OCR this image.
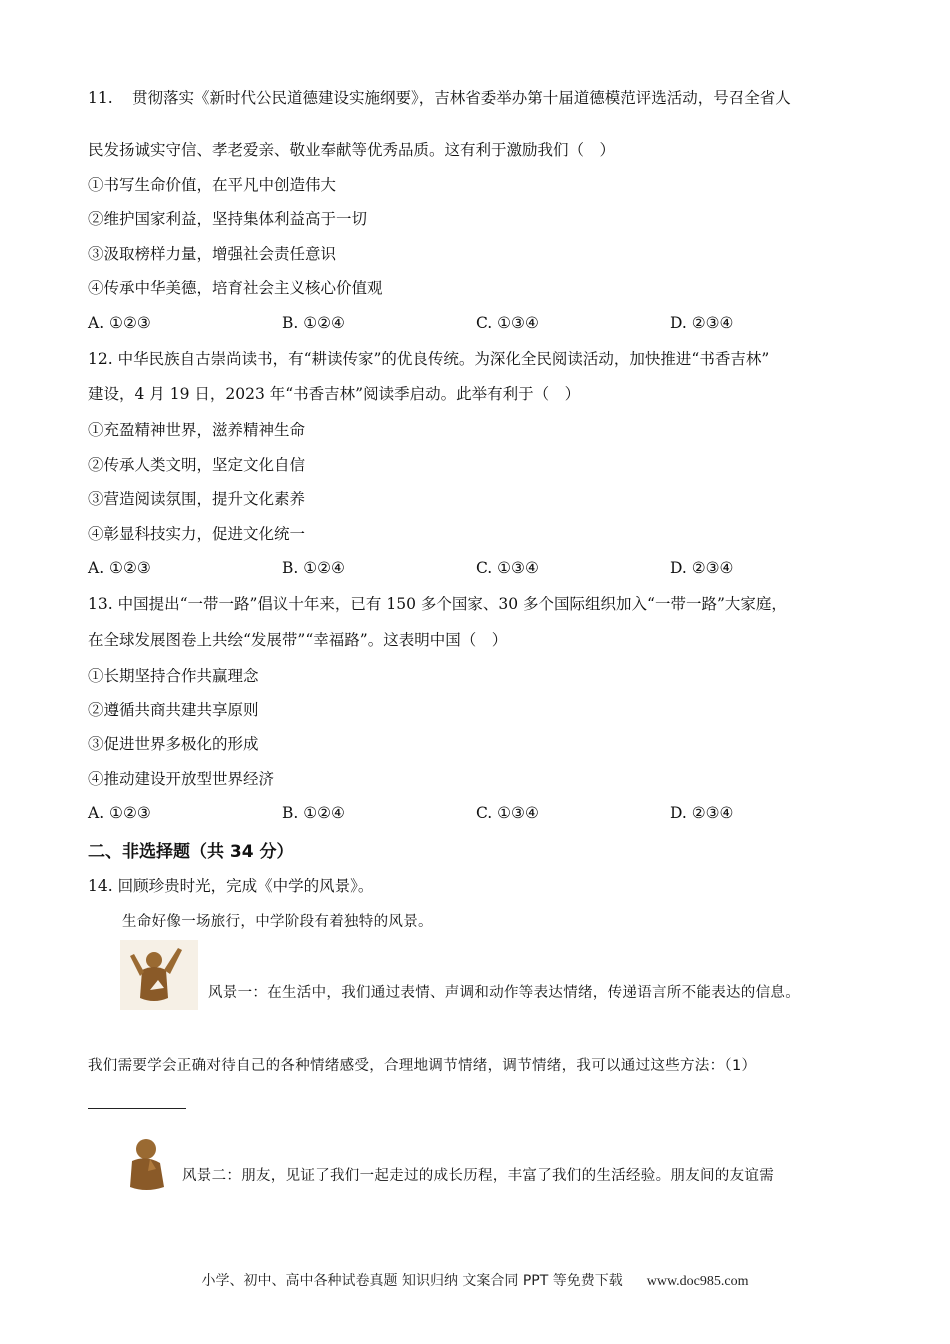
11. 贯彻落实《新时代公民道德建设实施纲要》，吉林省委举办第十届道德模范评选活动，号召全省人
民发扬诚实守信、孝老爱亲、敬业奉献等优秀品质。这有利于激励我们（　）
①书写生命价值，在平凡中创造伟大
②维护国家利益，坚持集体利益高于一切
③汲取榜样力量，增强社会责任意识
④传承中华美德，培育社会主义核心价值观
A. ①②③	B. ①②④	C. ①③④	D. ②③④
12. 中华民族自古崇尚读书，有“耕读传家”的优良传统。为深化全民阅读活动，加快推进“书香吉林”
建设，4 月 19 日，2023 年“书香吉林”阅读季启动。此举有利于（　）
①充盈精神世界，滋养精神生命
②传承人类文明，坚定文化自信
③营造阅读氛围，提升文化素养
④彰显科技实力，促进文化统一
A. ①②③	B. ①②④	C. ①③④	D. ②③④
13. 中国提出“一带一路”倡议十年来，已有 150 多个国家、30 多个国际组织加入“一带一路”大家庭，
在全球发展图卷上共绘“发展带”“幸福路”。这表明中国（　）
①长期坚持合作共赢理念
②遵循共商共建共享原则
③促进世界多极化的形成
④推动建设开放型世界经济
A. ①②③	B. ①②④	C. ①③④	D. ②③④
二、非选择题（共 34 分）
14. 回顾珍贵时光，完成《中学的风景》。
生命好像一场旅行，中学阶段有着独特的风景。
风景一：在生活中，我们通过表情、声调和动作等表达情绪，传递语言所不能表达的信息。
我们需要学会正确对待自己的各种情绪感受，合理地调节情绪，调节情绪，我可以通过这些方法：（1）
风景二：朋友，见证了我们一起走过的成长历程，丰富了我们的生活经验。朋友间的友谊需
小学、初中、高中各种试卷真题 知识归纳 文案合同 PPT 等免费下载 www.doc985.com
